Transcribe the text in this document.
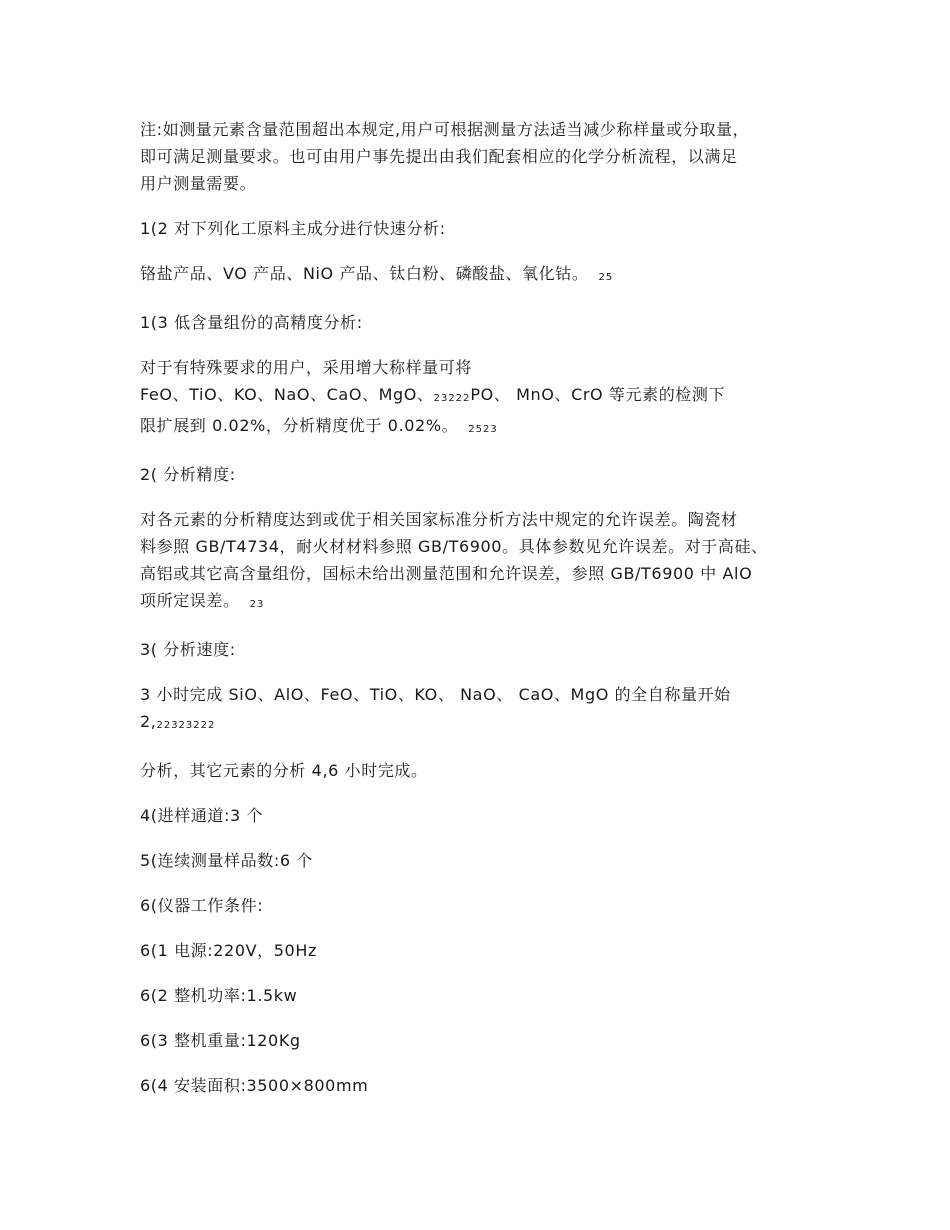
注:如测量元素含量范围超出本规定,用户可根据测量方法适当减少称样量或分取量，
即可满足测量要求。也可由用户事先提出由我们配套相应的化学分析流程，以满足
用户测量需要。
1(2 对下列化工原料主成分进行快速分析:
铬盐产品、VO 产品、NiO 产品、钛白粉、磷酸盐、氧化钴。 25
1(3 低含量组份的高精度分析:
对于有特殊要求的用户，采用增大称样量可将
FeO、TiO、KO、NaO、CaO、MgO、23222PO、 MnO、CrO 等元素的检测下
限扩展到 0.02%，分析精度优于 0.02%。 2523
2( 分析精度:
对各元素的分析精度达到或优于相关国家标准分析方法中规定的允许误差。陶瓷材
料参照 GB/T4734，耐火材材料参照 GB/T6900。具体参数见允许误差。对于高硅、
高铝或其它高含量组份，国标未给出测量范围和允许误差，参照 GB/T6900 中 AlO
项所定误差。 23
3( 分析速度:
3 小时完成 SiO、AlO、FeO、TiO、KO、 NaO、 CaO、MgO 的全自称量开始
2,22323222
分析，其它元素的分析 4,6 小时完成。
4(进样通道:3 个
5(连续测量样品数:6 个
6(仪器工作条件:
6(1 电源:220V，50Hz
6(2 整机功率:1.5kw
6(3 整机重量:120Kg
6(4 安装面积:3500×800mm
